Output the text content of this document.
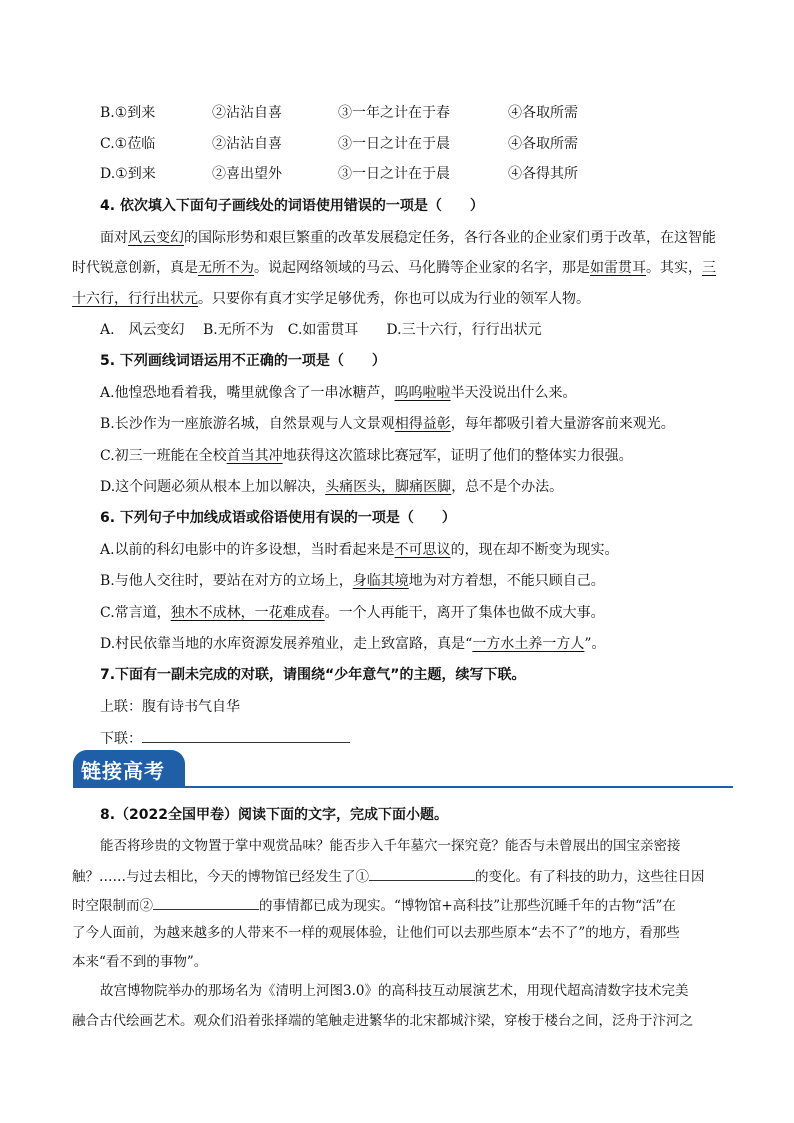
B.①到来	②沾沾自喜	③一年之计在于春	④各取所需
C.①莅临	②沾沾自喜	③一日之计在于晨	④各取所需
D.①到来	②喜出望外	③一日之计在于晨	④各得其所
4. 依次填入下面句子画线处的词语使用错误的一项是（　　）
面对风云变幻的国际形势和艰巨繁重的改革发展稳定任务，各行各业的企业家们勇于改革，在这智能
时代锐意创新，真是无所不为。说起网络领域的马云、马化腾等企业家的名字，那是如雷贯耳。其实，三
十六行，行行出状元。只要你有真才实学足够优秀，你也可以成为行业的领军人物。
A.　风云变幻　 B.无所不为　C.如雷贯耳　　D.三十六行，行行出状元
5. 下列画线词语运用不正确的一项是（　　）
A.他惶恐地看着我，嘴里就像含了一串冰糖芦，呜呜啦啦半天没说出什么来。
B.长沙作为一座旅游名城，自然景观与人文景观相得益彰，每年都吸引着大量游客前来观光。
C.初三一班能在全校首当其冲地获得这次篮球比赛冠军，证明了他们的整体实力很强。
D.这个问题必须从根本上加以解决，头痛医头，脚痛医脚，总不是个办法。
6. 下列句子中加线成语或俗语使用有误的一项是（　　）
A.以前的科幻电影中的许多设想，当时看起来是不可思议的，现在却不断变为现实。
B.与他人交往时，要站在对方的立场上，身临其境地为对方着想，不能只顾自己。
C.常言道，独木不成林，一花难成春。一个人再能干，离开了集体也做不成大事。
D.村民依靠当地的水库资源发展养殖业，走上致富路，真是“一方水土养一方人”。
7.下面有一副未完成的对联，请围绕“少年意气”的主题，续写下联。
上联：腹有诗书气自华
下联：
链接高考
8.（2022全国甲卷）阅读下面的文字，完成下面小题。
能否将珍贵的文物置于掌中观赏品味？能否步入千年墓穴一探究竟？能否与未曾展出的国宝亲密接
触？……与过去相比，今天的博物馆已经发生了①	的变化。有了科技的助力，这些往日因
时空限制而②	的事情都已成为现实。“博物馆+高科技”让那些沉睡千年的古物“活”在
了今人面前，为越来越多的人带来不一样的观展体验，让他们可以去那些原本“去不了”的地方，看那些
本来“看不到的事物”。
故宫博物院举办的那场名为《清明上河图3.0》的高科技互动展演艺术，用现代超高清数字技术完美
融合古代绘画艺术。观众们沿着张择端的笔触走进繁华的北宋都城汴梁，穿梭于楼台之间，泛舟于汴河之
